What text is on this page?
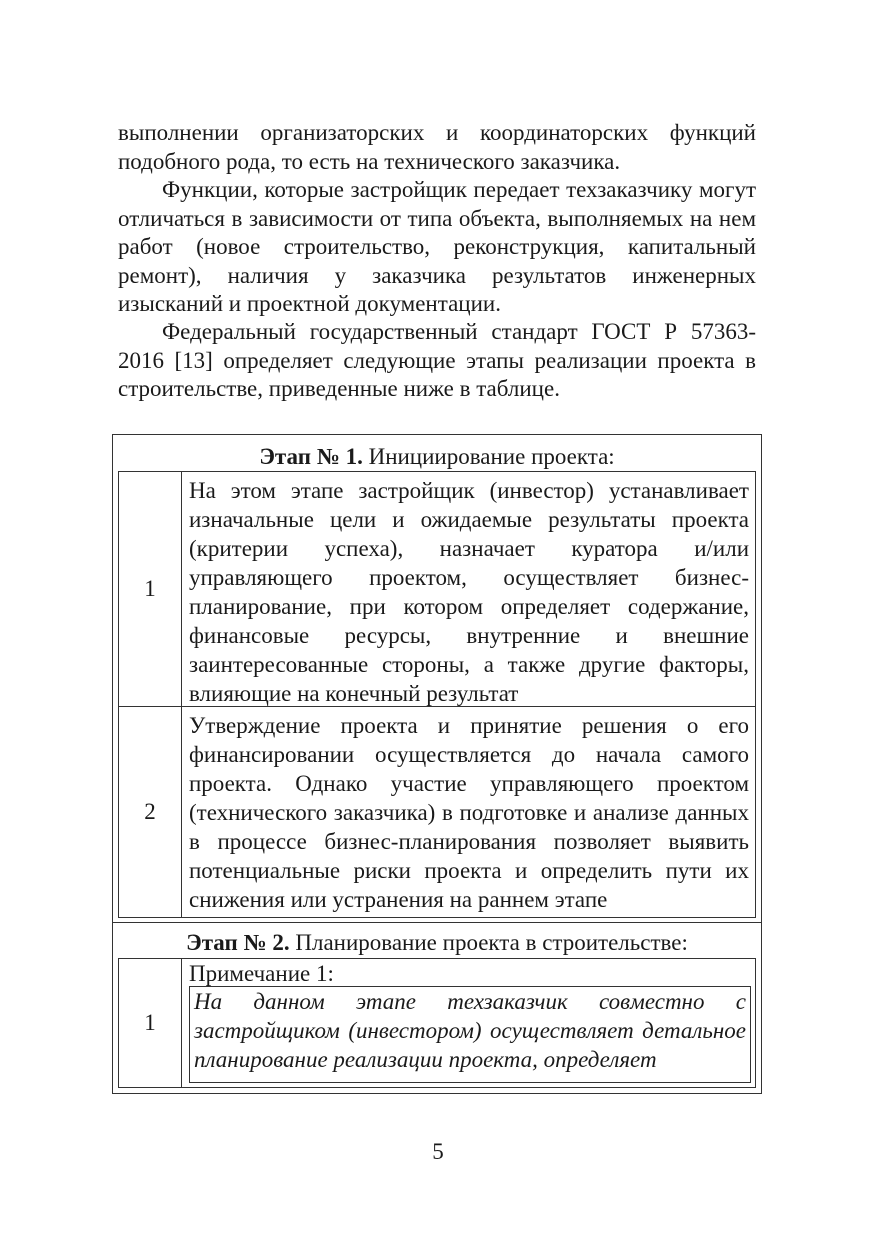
выполнении организаторских и координаторских функций подобного рода, то есть на технического заказчика.

Функции, которые застройщик передает техзаказчику могут отличаться в зависимости от типа объекта, выполняемых на нем работ (новое строительство, реконструкция, капитальный ремонт), наличия у заказчика результатов инженерных изысканий и проектной документации.

Федеральный государственный стандарт ГОСТ Р 57363-2016 [13] определяет следующие этапы реализации проекта в строительстве, приведенные ниже в таблице.

Этап № 1. Инициирование проекта:
1
На этом этапе застройщик (инвестор) устанавливает изначальные цели и ожидаемые результаты проекта (критерии успеха), назначает куратора и/или управляющего проектом, осуществляет бизнес-планирование, при котором определяет содержание, финансовые ресурсы, внутренние и внешние заинтересованные стороны, а также другие факторы, влияющие на конечный результат
2
Утверждение проекта и принятие решения о его финансировании осуществляется до начала самого проекта. Однако участие управляющего проектом (технического заказчика) в подготовке и анализе данных в процессе бизнес-планирования позволяет выявить потенциальные риски проекта и определить пути их снижения или устранения на раннем этапе
Этап № 2. Планирование проекта в строительстве:
1
Примечание 1:
На данном этапе техзаказчик совместно с застройщиком (инвестором) осуществляет детальное планирование реализации проекта, определяет
5
